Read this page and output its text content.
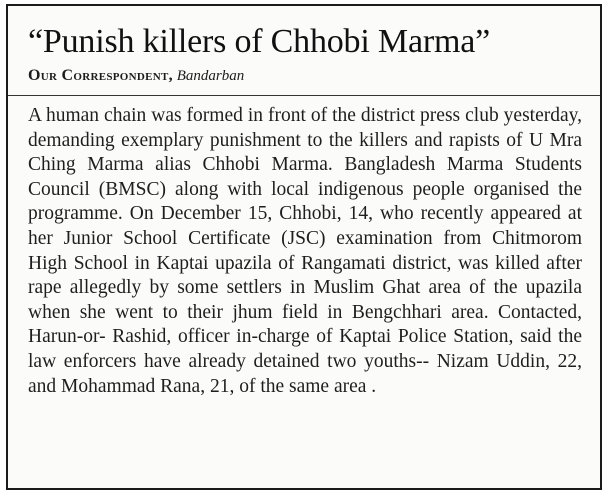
“Punish killers of Chhobi Marma”
Our Correspondent, Bandarban

A human chain was formed in front of the district press club yesterday, demanding exemplary punishment to the killers and rapists of U Mra Ching Marma alias Chhobi Marma. Bangladesh Marma Students Council (BMSC) along with local indigenous people organised the programme. On December 15, Chhobi, 14, who recently appeared at her Junior School Certificate (JSC) examination from Chitmorom High School in Kaptai upazila of Rangamati district, was killed after rape allegedly by some settlers in Muslim Ghat area of the upazila when she went to their jhum field in Bengchhari area. Contacted, Harun-or- Rashid, officer in-charge of Kaptai Police Station, said the law enforcers have already detained two youths-- Nizam Uddin, 22, and Mohammad Rana, 21, of the same area .
